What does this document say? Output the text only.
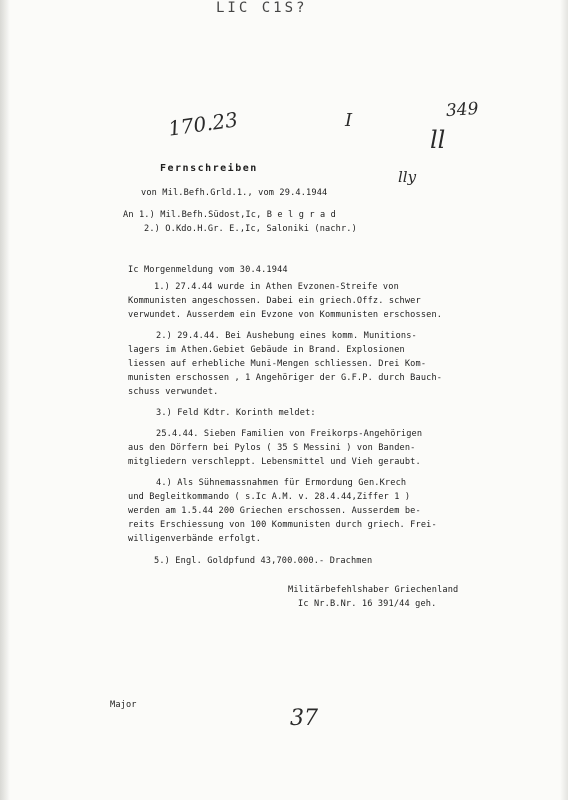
LIC C1S?
170.23	I	349
ll
lly
37
Fernschreiben
von Mil.Befh.Grld.1., vom 29.4.1944
An 1.) Mil.Befh.Südost,Ic, B e l g r a d
2.) O.Kdo.H.Gr. E.,Ic, Saloniki (nachr.)
Ic Morgenmeldung vom 30.4.1944
1.) 27.4.44 wurde in Athen Evzonen-Streife von
Kommunisten angeschossen. Dabei ein griech.Offz. schwer
verwundet. Ausserdem ein Evzone von Kommunisten erschossen.
2.) 29.4.44. Bei Aushebung eines komm. Munitions-
lagers im Athen.Gebiet Gebäude in Brand. Explosionen
liessen auf erhebliche Muni-Mengen schliessen. Drei Kom-
munisten erschossen , 1 Angehöriger der G.F.P. durch Bauch-
schuss verwundet.
3.) Feld Kdtr. Korinth meldet:
25.4.44. Sieben Familien von Freikorps-Angehörigen
aus den Dörfern bei Pylos ( 35 S Messini ) von Banden-
mitgliedern verschleppt. Lebensmittel und Vieh geraubt.
4.) Als Sühnemassnahmen für Ermordung Gen.Krech
und Begleitkommando ( s.Ic A.M. v. 28.4.44,Ziffer 1 )
werden am 1.5.44 200 Griechen erschossen. Ausserdem be-
reits Erschiessung von 100 Kommunisten durch griech. Frei-
willigenverbände erfolgt.
5.) Engl. Goldpfund 43,700.000.- Drachmen
Militärbefehlshaber Griechenland
Ic Nr.B.Nr. 16 391/44 geh.
Major
